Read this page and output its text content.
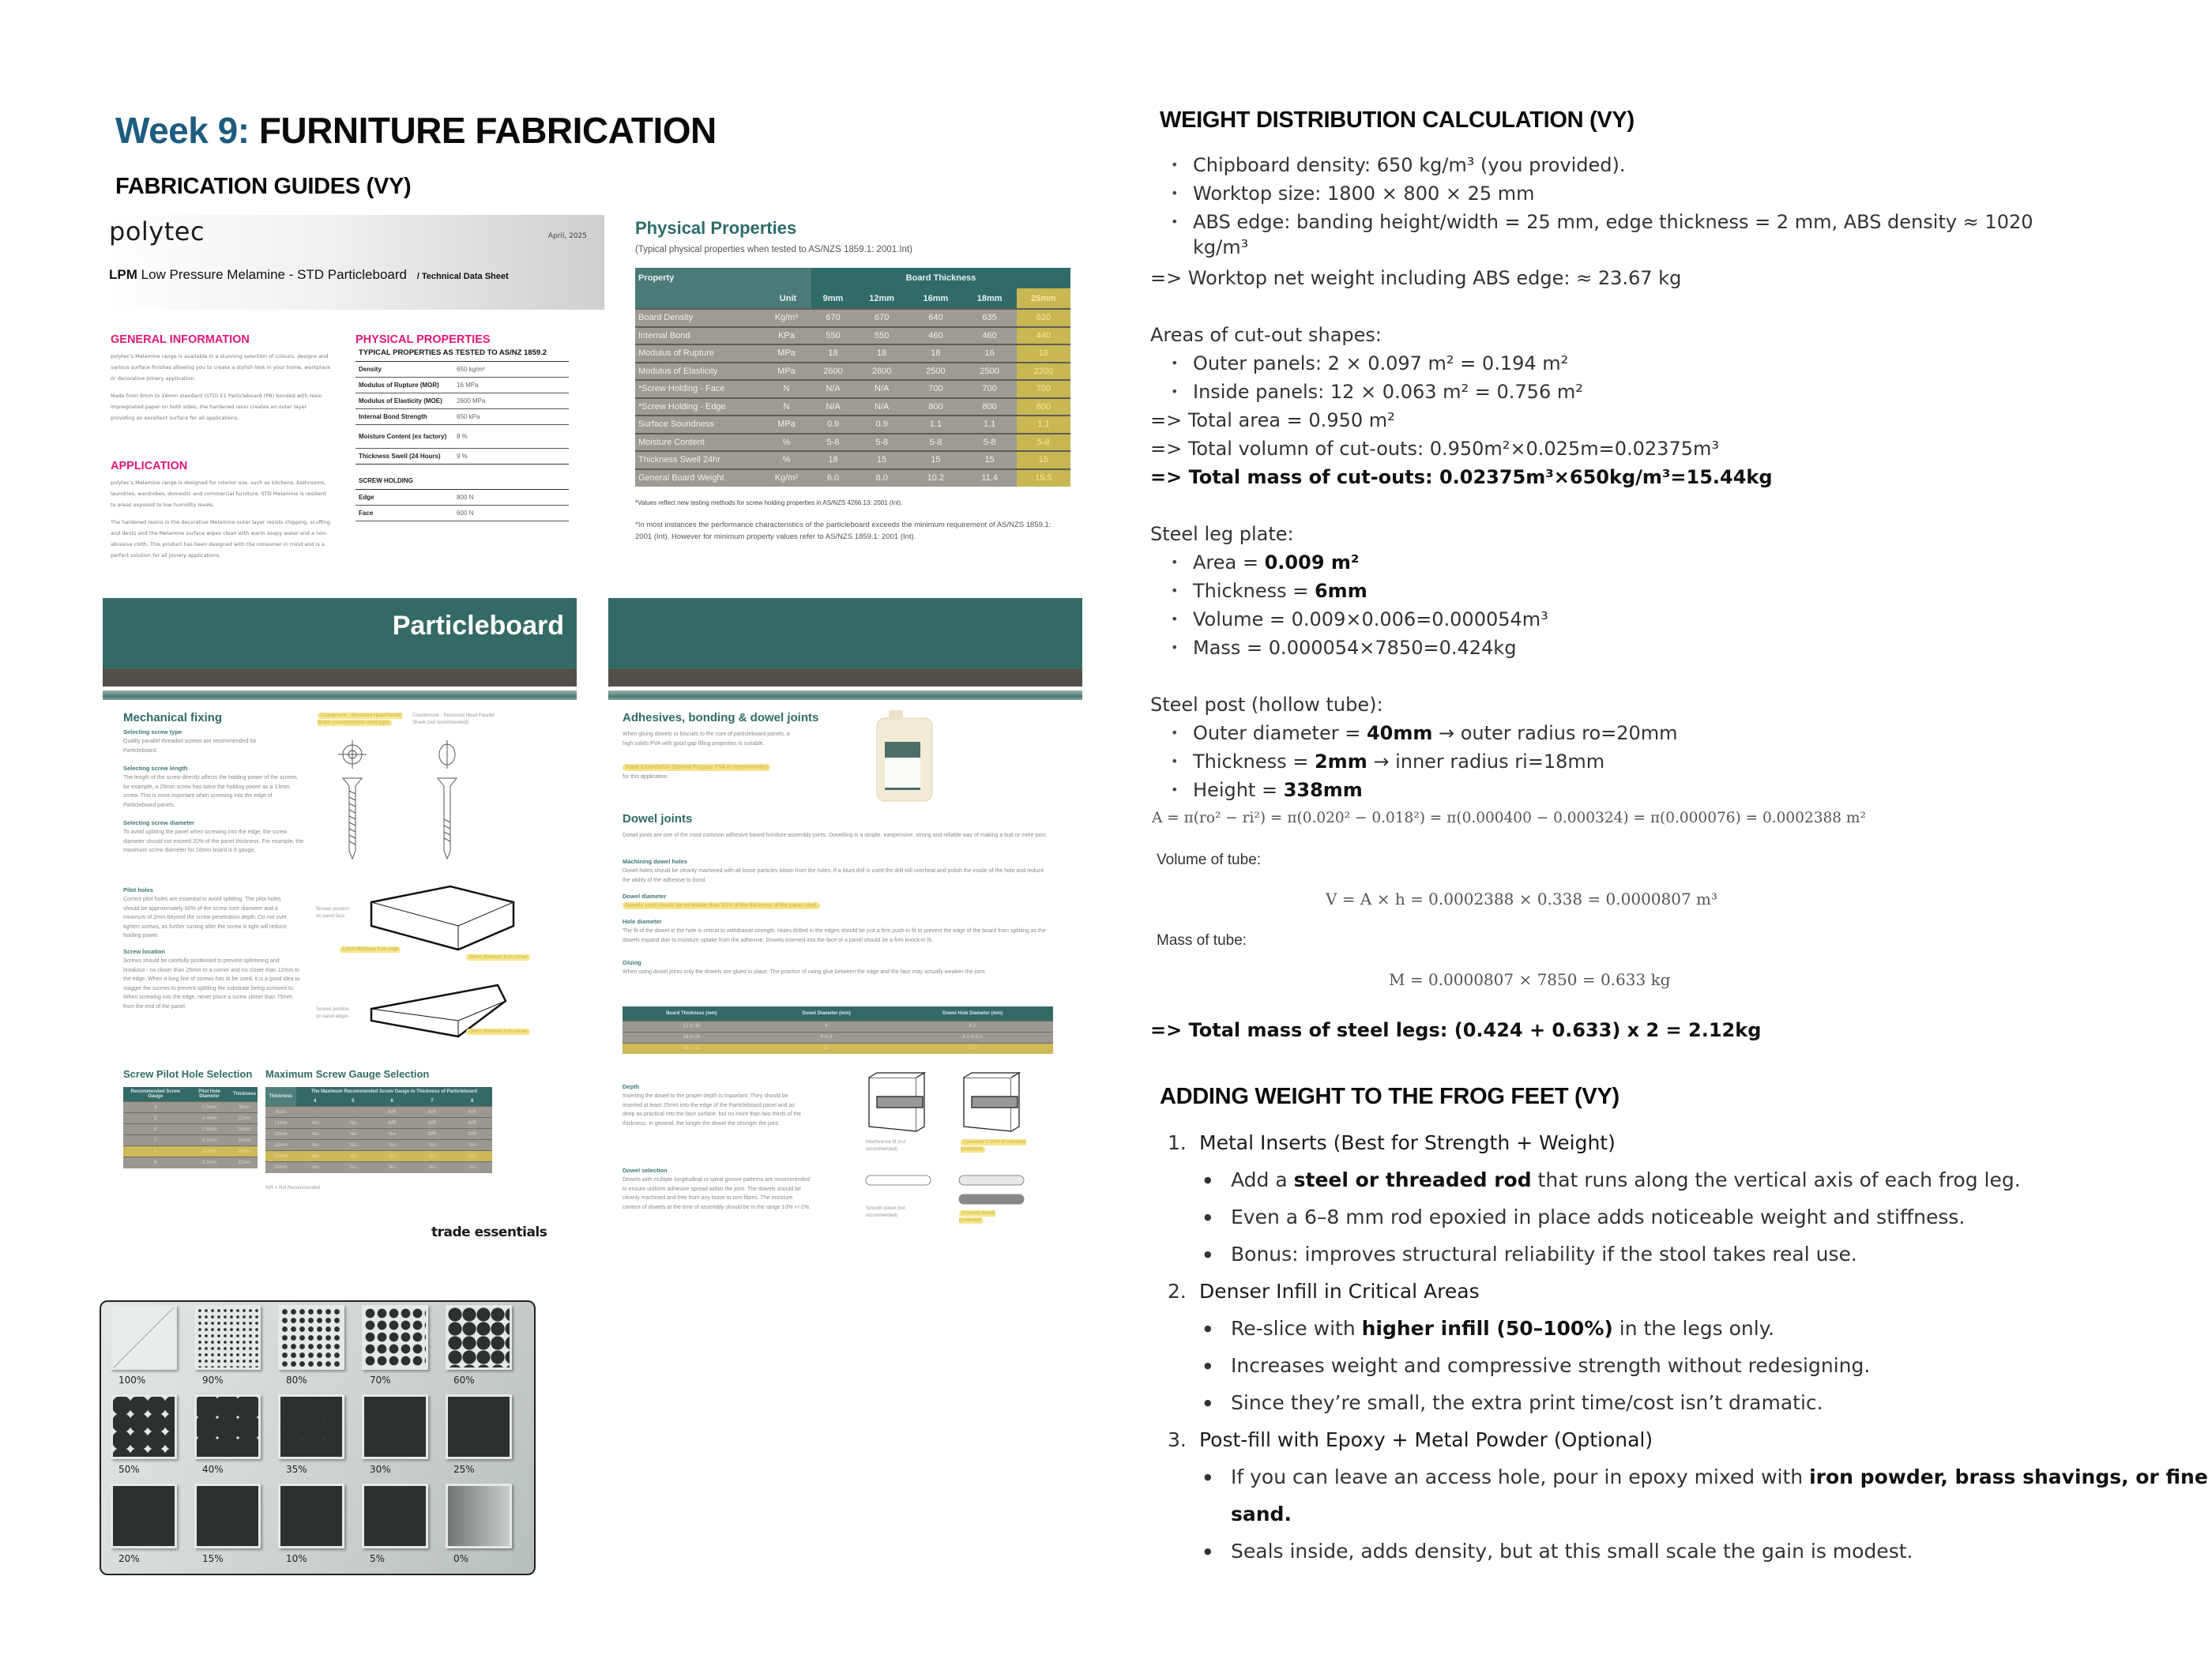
Week 9: FURNITURE FABRICATION
FABRICATION GUIDES (VY)
polytec	April, 2025
LPM Low Pressure Melamine - STD Particleboard / Technical Data Sheet
GENERAL INFORMATION
polytec's Melamine range is available in a stunning selection of colours, designs and various surface finishes allowing you to create a stylish look in your home, workplace or decorative joinery application.
Made from 9mm to 16mm standard (STD) E1 Particleboard (PB) bonded with resin impregnated paper on both sides, the hardened resin creates an outer layer providing an excellent surface for all applications.
APPLICATION
polytec's Melamine range is designed for interior use, such as kitchens, bathrooms, laundries, wardrobes, domestic and commercial furniture. STD Melamine is resilient to areas exposed to low humidity levels.
The hardened resins in the decorative Melamine outer layer resists chipping, scuffing and dents and the Melamine surface wipes clean with warm soapy water and a non-abrasive cloth. This product has been designed with the consumer in mind and is a perfect solution for all joinery applications.
PHYSICAL PROPERTIES
TYPICAL PROPERTIES AS TESTED TO AS/NZ 1859.2
Density	650 kg/m³
Modulus of Rupture (MOR)	16 MPa
Modulus of Elasticity (MOE)	2600 MPa
Internal Bond Strength	650 kPa
Moisture Content (ex factory)	8 %
Thickness Swell (24 Hours)	9 %
SCREW HOLDING
Edge	800 N
Face	600 N
Physical Properties
(Typical physical properties when tested to AS/NZS 1859.1: 2001.Int)
Property		Board Thickness				
	Unit	9mm	12mm	16mm	18mm	25mm
Board Density	Kg/m³	670	670	640	635	620
Internal Bond	KPa	550	550	460	460	440
Modulus of Rupture	MPa	18	18	18	16	16
Modulus of Elasticity	MPa	2600	2600	2500	2500	2200
*Screw Holding - Face	N	N/A	N/A	700	700	700
*Screw Holding - Edge	N	N/A	N/A	800	800	800
Surface Soundness	MPa	0.9	0.9	1.1	1.1	1.1
Moisture Content	%	5-8	5-8	5-8	5-8	5-8
Thickness Swell 24hr	%	18	15	15	15	15
General Board Weight	Kg/m²	6.0	8.0	10.2	11.4	15.5
*Values reflect new testing methods for screw holding properties in AS/NZS 4266.13: 2001 (Int).
*In most instances the performance characteristics of the particleboard exceeds the minimum requirement of AS/NZS 1859.1: 2001 (Int). However for minimum property values refer to AS/NZS 1859.1: 2001 (Int).
Particleboard
Mechanical fixing
Selecting screw type
Quality parallel threaded screws are recommended for Particleboard.
Selecting screw length
The length of the screw directly affects the holding power of the screws, for example, a 25mm screw has twice the holding power as a 13mm screw. This is most important when screwing into the edge of Particleboard panels.
Selecting screw diameter
To avoid splitting the panel when screwing into the edge, the screw diameter should not exceed 20% of the panel thickness. For example, the maximum screw diameter for 16mm board is 6 gauge.
Pilot holes
Correct pilot holes are essential to avoid splitting. The pilot holes should be approximately 80% of the screw core diameter and a minimum of 2mm beyond the screw penetration depth. Do not over tighten screws, as further turning after the screw is tight will reduce holding power.
Screw location
Screws should be carefully positioned to prevent splintering and breakout - no closer than 25mm to a corner and no closer than 12mm to the edge. When a long line of screws has to be used, it is a good idea to stagger the screws to prevent splitting the substrate being screwed to. When screwing into the edge, never place a screw closer than 75mm from the end of the panel.
Countersunk - Recessed Head Parallel Shank (recommended screw type)
Countersunk - Recessed Head Parallel Shank (not recommended)
Screws position on panel face
12mm Minimum from edge
25mm Minimum from corner
Screws position on panel edges
75mm Minimum from corner
Screw Pilot Hole Selection Maximum Screw Gauge Selection
Recommended Screw Gauge	Pilot Hole Diameter	Thickness
4	2.0mm	9mm
5	2.4mm	12mm
6	2.6mm	16mm
7	2.7mm	18mm
8	3.0mm	25mm
8	3.3mm	32mm
Thickness	The Maximum Recommended Screw Gauge to Thickness of Particleboard				
	4	5	6	7	8
9mm	–	–	N/R	N/R	N/R
12mm	Yes	Yes	N/R	N/R	N/R
16mm	Yes	Yes	Yes	N/R	N/R
18mm	Yes	Yes	Yes	Yes	Yes
25mm	Yes	Yes	Yes	Yes	Yes
32mm	Yes	Yes	Yes	Yes	Yes
N/R = Not Recommended
trade essentials
Adhesives, bonding & dowel joints
When gluing dowels or biscuits to the core of particleboard panels, a high solids PVA with good gap filling properties is suitable.
Trade Essentials® General Purpose PVA is recommended
for this application.
Dowel joints
Dowel joints are one of the most common adhesive based furniture assembly joints. Dowelling is a simple, inexpensive, strong and reliable way of making a butt or mitre joint.
Machining dowel holes
Dowel holes should be cleanly machined with all loose particles blown from the holes. If a blunt drill is used the drill will overheat and polish the inside of the hole and reduce the ability of the adhesive to bond.
Dowel diameter
Dowels used should be no thicker than 50% of the thickness of the panel used.
Hole diameter
The fit of the dowel in the hole is critical to withdrawal strength. Holes drilled in the edges should be just a firm push-in fit to prevent the edge of the board from splitting as the dowels expand due to moisture uptake from the adhesive. Dowels inserted into the face of a panel should be a firm knock-in fit.
Gluing
When using dowel joints only the dowels are glued in place. The practice of using glue between the edge and the face may actually weaken the joint.
Board Thickness (mm)	Dowel Diameter (mm)	Dowel Hole Diameter (mm)
12 to 15	6	6.2
18 to 24	6 to 8	6.2 to 8.2
25 to 32	10	10.2
Depth
Inserting the dowel to the proper depth is important. They should be inserted at least 25mm into the edge of the Particleboard panel and as deep as practical into the face surface, but no more than two thirds of the thickness. In general, the longer the dowel the stronger the joint.
Interference fit (not recommended)
Clearance 0.1mm (if required) (preferred)
Dowel selection
Dowels with multiple longitudinal or spiral groove patterns are recommended to ensure uniform adhesive spread within the joint. The dowels should be cleanly machined and free from any loose or torn fibres. The moisture content of dowels at the time of assembly should be in the range 10% +/-2%.	Smooth dowel (not recommended)	Grooved dowels (preferred)
100%	90%	80%	70%	60%
50%	40%	35%	30%	25%
20%	15%	10%	5%	0%
WEIGHT DISTRIBUTION CALCULATION (VY)
• Chipboard density: 650 kg/m³ (you provided).
• Worktop size: 1800 × 800 × 25 mm
• ABS edge: banding height/width = 25 mm, edge thickness = 2 mm, ABS density ≈ 1020
kg/m³
=> Worktop net weight including ABS edge: ≈ 23.67 kg
Areas of cut-out shapes:
• Outer panels: 2 × 0.097 m² = 0.194 m²
• Inside panels: 12 × 0.063 m² = 0.756 m²
=> Total area = 0.950 m²
=> Total volumn of cut-outs: 0.950m²×0.025m=0.02375m³
=> Total mass of cut-outs: 0.02375m³×650kg/m³=15.44kg
Steel leg plate:
• Area = 0.009 m²
• Thickness = 6mm
• Volume = 0.009×0.006=0.000054m³
• Mass = 0.000054×7850=0.424kg
Steel post (hollow tube):
• Outer diameter = 40mm → outer radius ro=20mm
• Thickness = 2mm → inner radius ri=18mm
• Height = 338mm
A = π(ro² − ri²) = π(0.020² − 0.018²) = π(0.000400 − 0.000324) = π(0.000076) = 0.0002388 m²
Volume of tube:
V = A × h = 0.0002388 × 0.338 = 0.0000807 m³
Mass of tube:
M = 0.0000807 × 7850 = 0.633 kg
=> Total mass of steel legs: (0.424 + 0.633) x 2 = 2.12kg
ADDING WEIGHT TO THE FROG FEET (VY)
1. Metal Inserts (Best for Strength + Weight)
● Add a steel or threaded rod that runs along the vertical axis of each frog leg.
● Even a 6–8 mm rod epoxied in place adds noticeable weight and stiffness.
● Bonus: improves structural reliability if the stool takes real use.
2. Denser Infill in Critical Areas
● Re-slice with higher infill (50–100%) in the legs only.
● Increases weight and compressive strength without redesigning.
● Since they’re small, the extra print time/cost isn’t dramatic.
3. Post-fill with Epoxy + Metal Powder (Optional)
● If you can leave an access hole, pour in epoxy mixed with iron powder, brass shavings, or fine
sand.
● Seals inside, adds density, but at this small scale the gain is modest.
